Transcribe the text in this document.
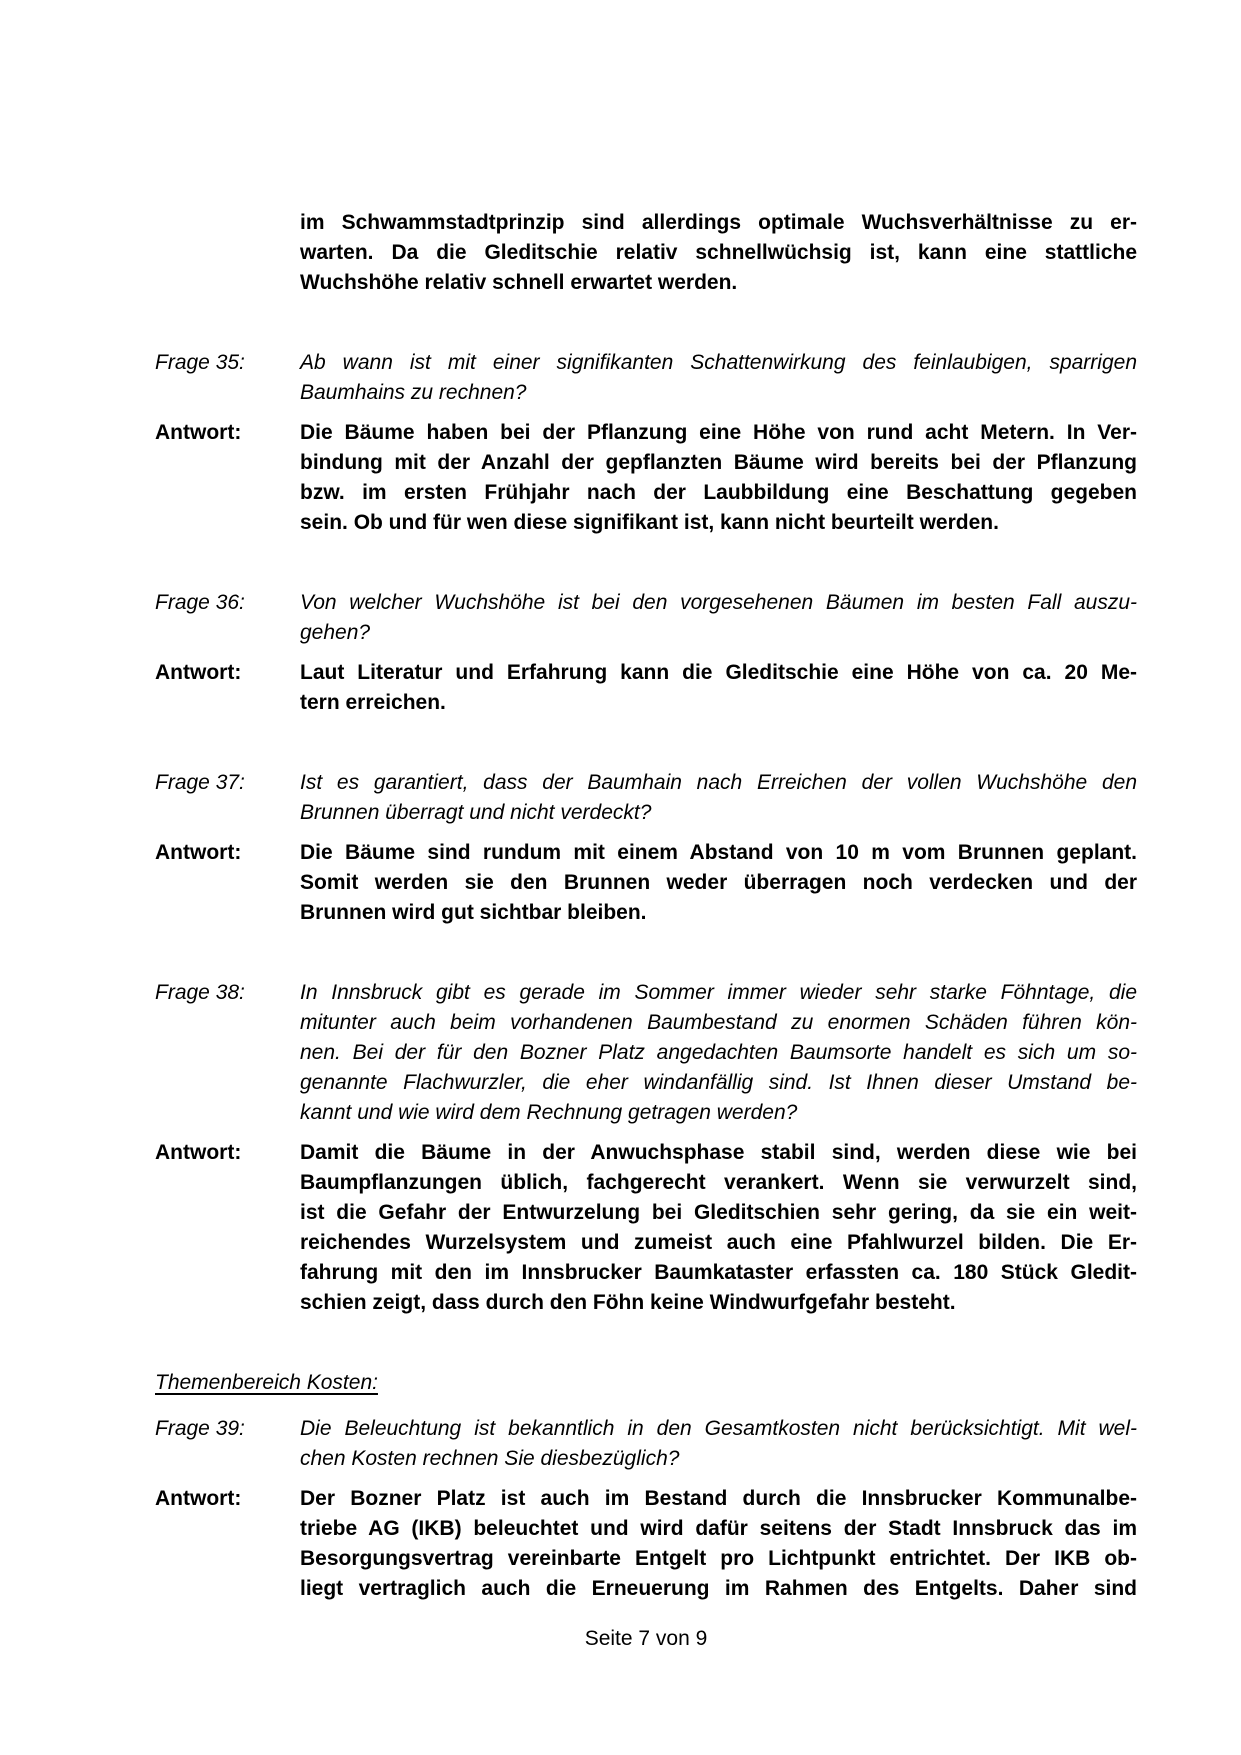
im Schwammstadtprinzip sind allerdings optimale Wuchsverhältnisse zu er-
warten. Da die Gleditschie relativ schnellwüchsig ist, kann eine stattliche
Wuchshöhe relativ schnell erwartet werden.
Frage 35:	Ab wann ist mit einer signifikanten Schattenwirkung des feinlaubigen, sparrigen
Baumhains zu rechnen?
Antwort:	Die Bäume haben bei der Pflanzung eine Höhe von rund acht Metern. In Ver-
bindung mit der Anzahl der gepflanzten Bäume wird bereits bei der Pflanzung
bzw. im ersten Frühjahr nach der Laubbildung eine Beschattung gegeben
sein. Ob und für wen diese signifikant ist, kann nicht beurteilt werden.
Frage 36:	Von welcher Wuchshöhe ist bei den vorgesehenen Bäumen im besten Fall auszu-
gehen?
Antwort:	Laut Literatur und Erfahrung kann die Gleditschie eine Höhe von ca. 20 Me-
tern erreichen.
Frage 37:	Ist es garantiert, dass der Baumhain nach Erreichen der vollen Wuchshöhe den
Brunnen überragt und nicht verdeckt?
Antwort:	Die Bäume sind rundum mit einem Abstand von 10 m vom Brunnen geplant.
Somit werden sie den Brunnen weder überragen noch verdecken und der
Brunnen wird gut sichtbar bleiben.
Frage 38:	In Innsbruck gibt es gerade im Sommer immer wieder sehr starke Föhntage, die
mitunter auch beim vorhandenen Baumbestand zu enormen Schäden führen kön-
nen. Bei der für den Bozner Platz angedachten Baumsorte handelt es sich um so-
genannte Flachwurzler, die eher windanfällig sind. Ist Ihnen dieser Umstand be-
kannt und wie wird dem Rechnung getragen werden?
Antwort:	Damit die Bäume in der Anwuchsphase stabil sind, werden diese wie bei
Baumpflanzungen üblich, fachgerecht verankert. Wenn sie verwurzelt sind,
ist die Gefahr der Entwurzelung bei Gleditschien sehr gering, da sie ein weit-
reichendes Wurzelsystem und zumeist auch eine Pfahlwurzel bilden. Die Er-
fahrung mit den im Innsbrucker Baumkataster erfassten ca. 180 Stück Gledit-
schien zeigt, dass durch den Föhn keine Windwurfgefahr besteht.
Themenbereich Kosten:
Frage 39:	Die Beleuchtung ist bekanntlich in den Gesamtkosten nicht berücksichtigt. Mit wel-
chen Kosten rechnen Sie diesbezüglich?
Antwort:	Der Bozner Platz ist auch im Bestand durch die Innsbrucker Kommunalbe-
triebe AG (IKB) beleuchtet und wird dafür seitens der Stadt Innsbruck das im
Besorgungsvertrag vereinbarte Entgelt pro Lichtpunkt entrichtet. Der IKB ob-
liegt vertraglich auch die Erneuerung im Rahmen des Entgelts. Daher sind
Seite 7 von 9
